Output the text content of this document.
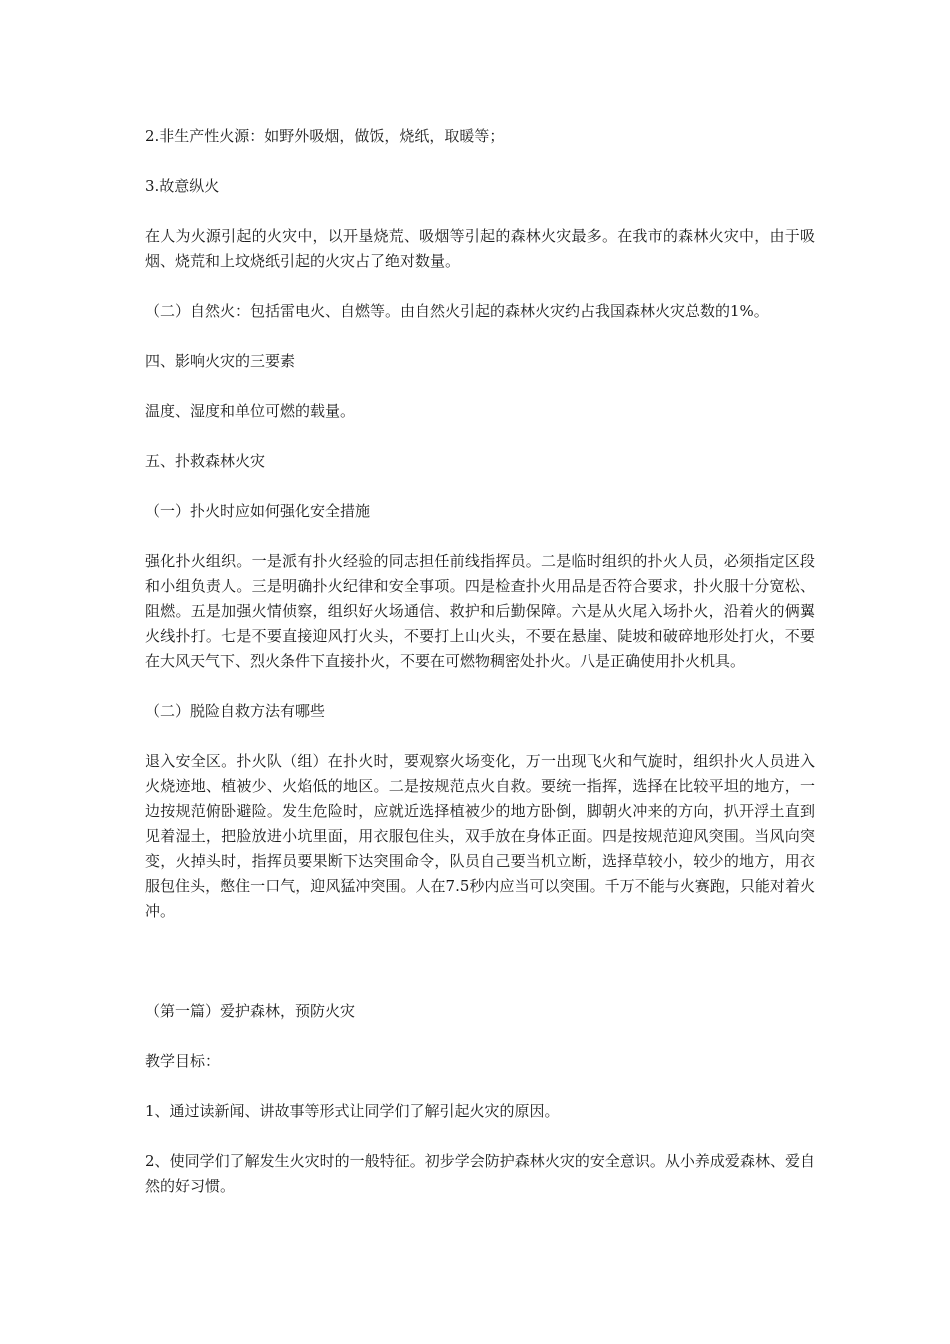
2.非生产性火源：如野外吸烟，做饭，烧纸，取暖等；

3.故意纵火

在人为火源引起的火灾中，以开垦烧荒、吸烟等引起的森林火灾最多。在我市的森林火灾中，由于吸烟、烧荒和上坟烧纸引起的火灾占了绝对数量。

（二）自然火：包括雷电火、自燃等。由自然火引起的森林火灾约占我国森林火灾总数的1%。

四、影响火灾的三要素

温度、湿度和单位可燃的载量。

五、扑救森林火灾

（一）扑火时应如何强化安全措施

强化扑火组织。一是派有扑火经验的同志担任前线指挥员。二是临时组织的扑火人员，必须指定区段和小组负责人。三是明确扑火纪律和安全事项。四是检查扑火用品是否符合要求，扑火服十分宽松、阻燃。五是加强火情侦察，组织好火场通信、救护和后勤保障。六是从火尾入场扑火，沿着火的俩翼火线扑打。七是不要直接迎风打火头，不要打上山火头，不要在悬崖、陡坡和破碎地形处打火，不要在大风天气下、烈火条件下直接扑火，不要在可燃物稠密处扑火。八是正确使用扑火机具。

（二）脱险自救方法有哪些

退入安全区。扑火队（组）在扑火时，要观察火场变化，万一出现飞火和气旋时，组织扑火人员进入火烧迹地、植被少、火焰低的地区。二是按规范点火自救。要统一指挥，选择在比较平坦的地方，一边按规范俯卧避险。发生危险时，应就近选择植被少的地方卧倒，脚朝火冲来的方向，扒开浮土直到见着湿土，把脸放进小坑里面，用衣服包住头，双手放在身体正面。四是按规范迎风突围。当风向突变，火掉头时，指挥员要果断下达突围命令，队员自己要当机立断，选择草较小，较少的地方，用衣服包住头，憋住一口气，迎风猛冲突围。人在7.5秒内应当可以突围。千万不能与火赛跑，只能对着火冲。

（第一篇）爱护森林，预防火灾

教学目标：

1、通过读新闻、讲故事等形式让同学们了解引起火灾的原因。

2、使同学们了解发生火灾时的一般特征。初步学会防护森林火灾的安全意识。从小养成爱森林、爱自然的好习惯。
